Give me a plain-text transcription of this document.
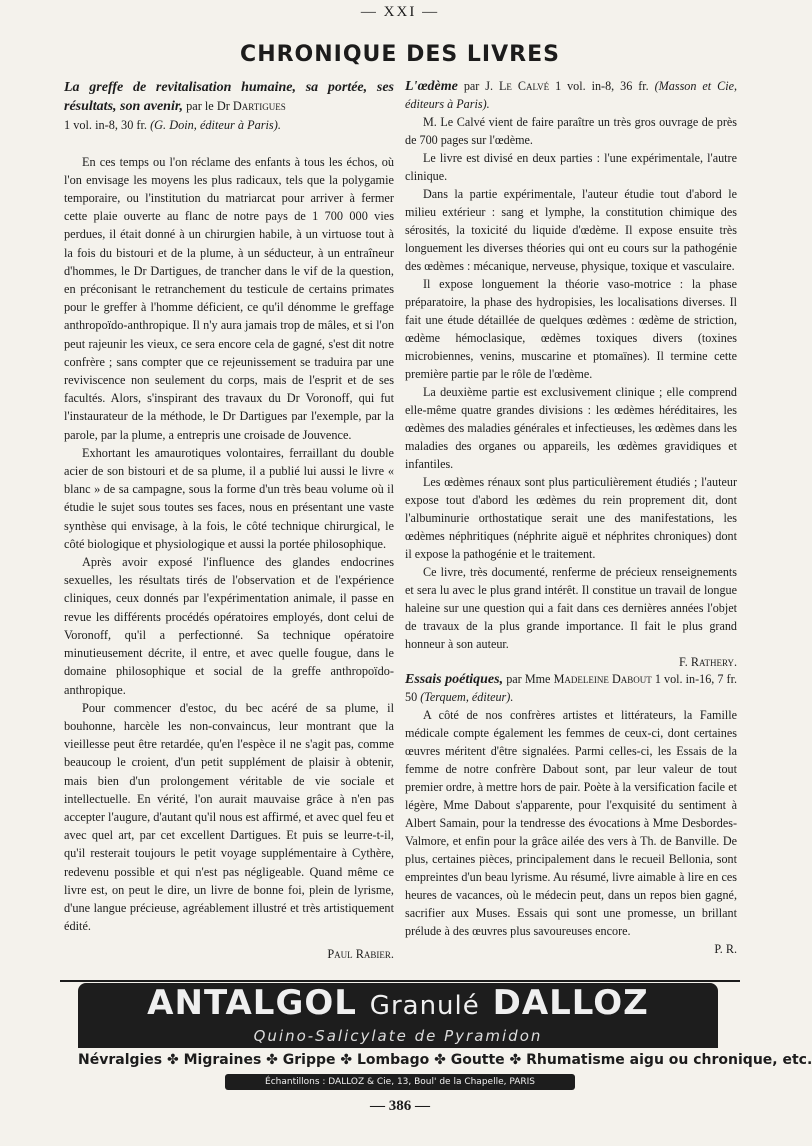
— XXI —
CHRONIQUE DES LIVRES

La greffe de revitalisation humaine, sa portée, ses résultats, son avenir, par le Dr Dartigues
1 vol. in-8, 30 fr. (G. Doin, éditeur à Paris).

En ces temps ou l'on réclame des enfants à tous les échos, où l'on envisage les moyens les plus radicaux, tels que la polygamie temporaire, ou l'institution du matriarcat pour arriver à fermer cette plaie ouverte au flanc de notre pays de 1 700 000 vies perdues, il était donné à un chirurgien habile, à un virtuose tout à la fois du bistouri et de la plume, à un séducteur, à un entraîneur d'hommes, le Dr Dartigues, de trancher dans le vif de la question, en préconisant le retranchement du testicule de certains primates pour le greffer à l'homme déficient, ce qu'il dénomme le greffage anthropoïdo-anthropique. Il n'y aura jamais trop de mâles, et si l'on peut rajeunir les vieux, ce sera encore cela de gagné, s'est dit notre confrère ; sans compter que ce rejeunissement se traduira par une reviviscence non seulement du corps, mais de l'esprit et de ses facultés. Alors, s'inspirant des travaux du Dr Voronoff, qui fut l'instaurateur de la méthode, le Dr Dartigues par l'exemple, par la parole, par la plume, a entrepris une croisade de Jouvence.

Exhortant les amaurotiques volontaires, ferraillant du double acier de son bistouri et de sa plume, il a publié lui aussi le livre « blanc » de sa campagne, sous la forme d'un très beau volume où il étudie le sujet sous toutes ses faces, nous en présentant une vaste synthèse qui envisage, à la fois, le côté technique chirurgical, le côté biologique et physiologique et aussi la portée philosophique.

Après avoir exposé l'influence des glandes endocrines sexuelles, les résultats tirés de l'observation et de l'expérience cliniques, ceux donnés par l'expérimentation animale, il passe en revue les différents procédés opératoires employés, dont celui de Voronoff, qu'il a perfectionné. Sa technique opératoire minutieusement décrite, il entre, et avec quelle fougue, dans le domaine philosophique et social de la greffe anthropoïdo-anthropique.

Pour commencer d'estoc, du bec acéré de sa plume, il bouhonne, harcèle les non-convaincus, leur montrant que la vieillesse peut être retardée, qu'en l'espèce il ne s'agit pas, comme beaucoup le croient, d'un petit supplément de plaisir à obtenir, mais bien d'un prolongement véritable de vie sociale et intellectuelle. En vérité, l'on aurait mauvaise grâce à n'en pas accepter l'augure, d'autant qu'il nous est affirmé, et avec quel feu et avec quel art, par cet excellent Dartigues. Et puis se leurre-t-il, qu'il resterait toujours le petit voyage supplémentaire à Cythère, redevenu possible et qui n'est pas négligeable. Quand même ce livre est, on peut le dire, un livre de bonne foi, plein de lyrisme, d'une langue précieuse, agréablement illustré et très artistiquement édité.

Paul Rabier.

L'œdème par J. Le Calvé 1 vol. in-8, 36 fr. (Masson et Cie, éditeurs à Paris).

M. Le Calvé vient de faire paraître un très gros ouvrage de près de 700 pages sur l'œdème.

Le livre est divisé en deux parties : l'une expérimentale, l'autre clinique.

Dans la partie expérimentale, l'auteur étudie tout d'abord le milieu extérieur : sang et lymphe, la constitution chimique des sérosités, la toxicité du liquide d'œdème. Il expose ensuite très longuement les diverses théories qui ont eu cours sur la pathogénie des œdèmes : mécanique, nerveuse, physique, toxique et vasculaire.

Il expose longuement la théorie vaso-motrice : la phase préparatoire, la phase des hydropisies, les localisations diverses. Il fait une étude détaillée de quelques œdèmes : œdème de striction, œdème hémoclasique, œdèmes toxiques divers (toxines microbiennes, venins, muscarine et ptomaïnes). Il termine cette première partie par le rôle de l'œdème.

La deuxième partie est exclusivement clinique ; elle comprend elle-même quatre grandes divisions : les œdèmes héréditaires, les œdèmes des maladies générales et infectieuses, les œdèmes dans les maladies des organes ou appareils, les œdèmes gravidiques et infantiles.

Les œdèmes rénaux sont plus particulièrement étudiés ; l'auteur expose tout d'abord les œdèmes du rein proprement dit, dont l'albuminurie orthostatique serait une des manifestations, les œdèmes néphritiques (néphrite aiguë et néphrites chroniques) dont il expose la pathogénie et le traitement.

Ce livre, très documenté, renferme de précieux renseignements et sera lu avec le plus grand intérêt. Il constitue un travail de longue haleine sur une question qui a fait dans ces dernières années l'objet de travaux de la plus grande importance. Il fait le plus grand honneur à son auteur.

F. Rathery.

Essais poétiques, par Mme Madeleine Dabout 1 vol. in-16, 7 fr. 50 (Terquem, éditeur).

A côté de nos confrères artistes et littérateurs, la Famille médicale compte également les femmes de ceux-ci, dont certaines œuvres méritent d'être signalées. Parmi celles-ci, les Essais de la femme de notre confrère Dabout sont, par leur valeur de tout premier ordre, à mettre hors de pair. Poète à la versification facile et légère, Mme Dabout s'apparente, pour l'exquisité du sentiment à Albert Samain, pour la tendresse des évocations à Mme Desbordes-Valmore, et enfin pour la grâce ailée des vers à Th. de Banville. De plus, certaines pièces, principalement dans le recueil Bellonia, sont empreintes d'un beau lyrisme. Au résumé, livre aimable à lire en ces heures de vacances, où le médecin peut, dans un repos bien gagné, sacrifier aux Muses. Essais qui sont une promesse, un brillant prélude à des œuvres plus savoureuses encore.

P. R.
ANTALGOL Granulé DALLOZ
Quino-Salicylate de Pyramidon
Névralgies ✤ Migraines ✤ Grippe ✤ Lombago ✤ Goutte ✤ Rhumatisme aigu ou chronique, etc.
Échantillons : DALLOZ & Cie, 13, Boul' de la Chapelle, PARIS
— 386 —
